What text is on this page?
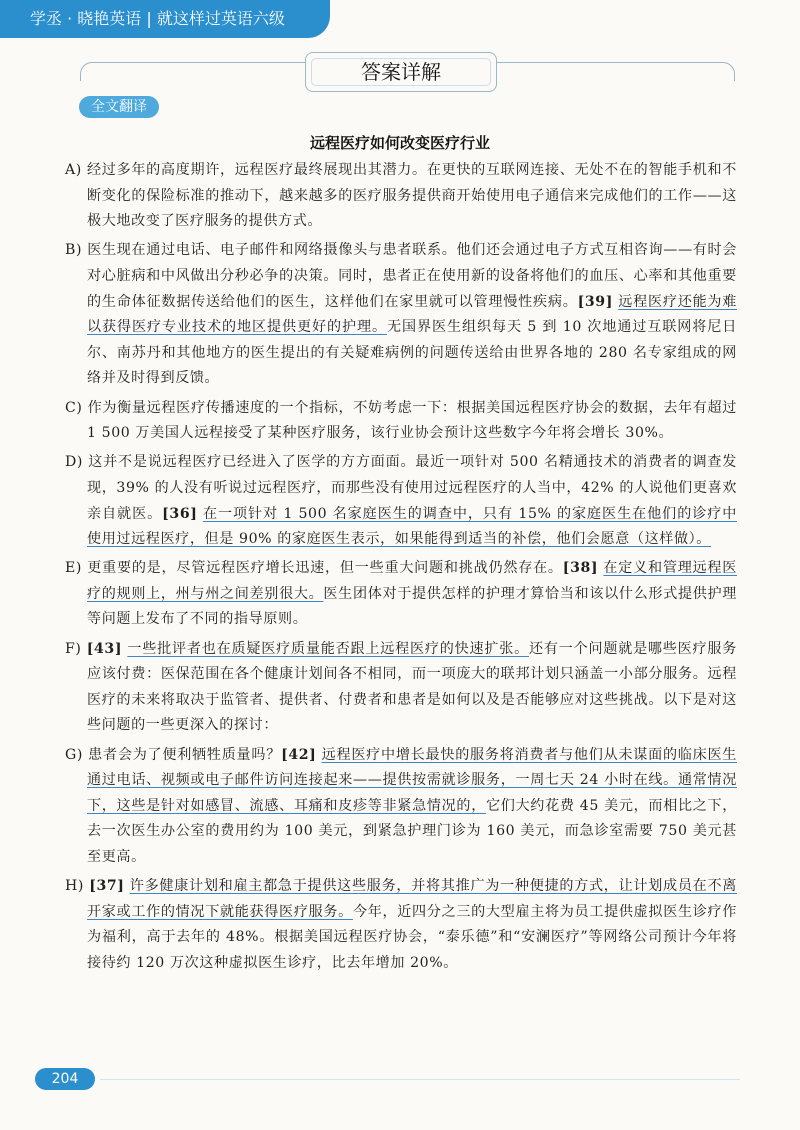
学丞 · 晓艳英语 | 就这样过英语六级
答案详解
全文翻译
远程医疗如何改变医疗行业

A) 经过多年的高度期许，远程医疗最终展现出其潜力。在更快的互联网连接、无处不在的智能手机和不断变化的保险标准的推动下，越来越多的医疗服务提供商开始使用电子通信来完成他们的工作——这极大地改变了医疗服务的提供方式。

B) 医生现在通过电话、电子邮件和网络摄像头与患者联系。他们还会通过电子方式互相咨询——有时会对心脏病和中风做出分秒必争的决策。同时，患者正在使用新的设备将他们的血压、心率和其他重要的生命体征数据传送给他们的医生，这样他们在家里就可以管理慢性疾病。[39] 远程医疗还能为难以获得医疗专业技术的地区提供更好的护理。无国界医生组织每天 5 到 10 次地通过互联网将尼日尔、南苏丹和其他地方的医生提出的有关疑难病例的问题传送给由世界各地的 280 名专家组成的网络并及时得到反馈。

C) 作为衡量远程医疗传播速度的一个指标，不妨考虑一下：根据美国远程医疗协会的数据，去年有超过 1 500 万美国人远程接受了某种医疗服务，该行业协会预计这些数字今年将会增长 30%。

D) 这并不是说远程医疗已经进入了医学的方方面面。最近一项针对 500 名精通技术的消费者的调查发现，39% 的人没有听说过远程医疗，而那些没有使用过远程医疗的人当中，42% 的人说他们更喜欢亲自就医。[36] 在一项针对 1 500 名家庭医生的调查中，只有 15% 的家庭医生在他们的诊疗中使用过远程医疗，但是 90% 的家庭医生表示，如果能得到适当的补偿，他们会愿意（这样做）。

E) 更重要的是，尽管远程医疗增长迅速，但一些重大问题和挑战仍然存在。[38] 在定义和管理远程医疗的规则上，州与州之间差别很大。医生团体对于提供怎样的护理才算恰当和该以什么形式提供护理等问题上发布了不同的指导原则。

F) [43] 一些批评者也在质疑医疗质量能否跟上远程医疗的快速扩张。还有一个问题就是哪些医疗服务应该付费：医保范围在各个健康计划间各不相同，而一项庞大的联邦计划只涵盖一小部分服务。远程医疗的未来将取决于监管者、提供者、付费者和患者是如何以及是否能够应对这些挑战。以下是对这些问题的一些更深入的探讨：

G) 患者会为了便利牺牲质量吗？[42] 远程医疗中增长最快的服务将消费者与他们从未谋面的临床医生通过电话、视频或电子邮件访问连接起来——提供按需就诊服务，一周七天 24 小时在线。通常情况下，这些是针对如感冒、流感、耳痛和皮疹等非紧急情况的，它们大约花费 45 美元，而相比之下，去一次医生办公室的费用约为 100 美元，到紧急护理门诊为 160 美元，而急诊室需要 750 美元甚至更高。

H) [37] 许多健康计划和雇主都急于提供这些服务，并将其推广为一种便捷的方式，让计划成员在不离开家或工作的情况下就能获得医疗服务。今年，近四分之三的大型雇主将为员工提供虚拟医生诊疗作为福利，高于去年的 48%。根据美国远程医疗协会，“泰乐德”和“安澜医疗”等网络公司预计今年将接待约 120 万次这种虚拟医生诊疗，比去年增加 20%。

204
